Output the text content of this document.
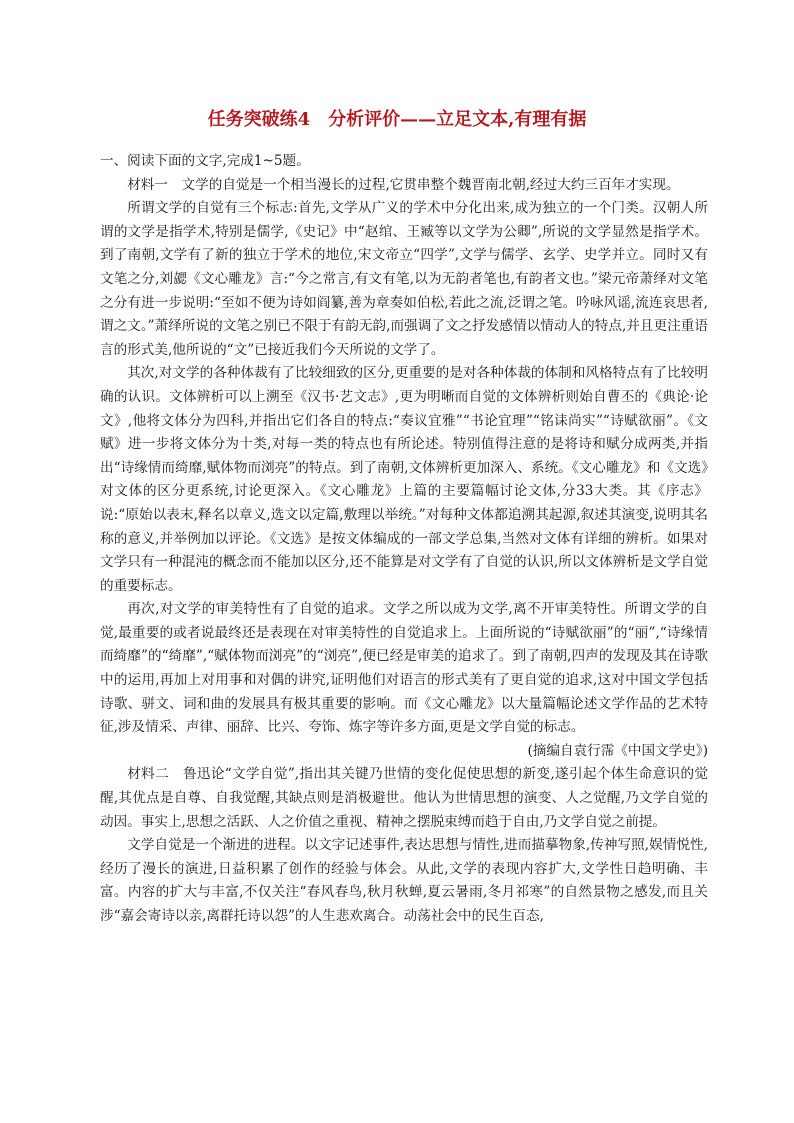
任务突破练4　分析评价——立足文本,有理有据

一、阅读下面的文字,完成1~5题。

材料一　文学的自觉是一个相当漫长的过程,它贯串整个魏晋南北朝,经过大约三百年才实现。

所谓文学的自觉有三个标志:首先,文学从广义的学术中分化出来,成为独立的一个门类。汉朝人所谓的文学是指学术,特别是儒学,《史记》中“赵绾、王臧等以文学为公卿”,所说的文学显然是指学术。到了南朝,文学有了新的独立于学术的地位,宋文帝立“四学”,文学与儒学、玄学、史学并立。同时又有文笔之分,刘勰《文心雕龙》言:“今之常言,有文有笔,以为无韵者笔也,有韵者文也。”梁元帝萧绎对文笔之分有进一步说明:“至如不便为诗如阎纂,善为章奏如伯松,若此之流,泛谓之笔。吟咏风谣,流连哀思者,谓之文。”萧绎所说的文笔之别已不限于有韵无韵,而强调了文之抒发感情以情动人的特点,并且更注重语言的形式美,他所说的“文”已接近我们今天所说的文学了。

其次,对文学的各种体裁有了比较细致的区分,更重要的是对各种体裁的体制和风格特点有了比较明确的认识。文体辨析可以上溯至《汉书·艺文志》,更为明晰而自觉的文体辨析则始自曹丕的《典论·论文》,他将文体分为四科,并指出它们各自的特点:“奏议宜雅”“书论宜理”“铭诔尚实”“诗赋欲丽”。《文赋》进一步将文体分为十类,对每一类的特点也有所论述。特别值得注意的是将诗和赋分成两类,并指出“诗缘情而绮靡,赋体物而浏亮”的特点。到了南朝,文体辨析更加深入、系统。《文心雕龙》和《文选》对文体的区分更系统,讨论更深入。《文心雕龙》上篇的主要篇幅讨论文体,分33大类。其《序志》说:“原始以表末,释名以章义,选文以定篇,敷理以举统。”对每种文体都追溯其起源,叙述其演变,说明其名称的意义,并举例加以评论。《文选》是按文体编成的一部文学总集,当然对文体有详细的辨析。如果对文学只有一种混沌的概念而不能加以区分,还不能算是对文学有了自觉的认识,所以文体辨析是文学自觉的重要标志。

再次,对文学的审美特性有了自觉的追求。文学之所以成为文学,离不开审美特性。所谓文学的自觉,最重要的或者说最终还是表现在对审美特性的自觉追求上。上面所说的“诗赋欲丽”的“丽”,“诗缘情而绮靡”的“绮靡”,“赋体物而浏亮”的“浏亮”,便已经是审美的追求了。到了南朝,四声的发现及其在诗歌中的运用,再加上对用事和对偶的讲究,证明他们对语言的形式美有了更自觉的追求,这对中国文学包括诗歌、骈文、词和曲的发展具有极其重要的影响。而《文心雕龙》以大量篇幅论述文学作品的艺术特征,涉及情采、声律、丽辞、比兴、夸饰、炼字等许多方面,更是文学自觉的标志。

(摘编自袁行霈《中国文学史》)

材料二　鲁迅论“文学自觉”,指出其关键乃世情的变化促使思想的新变,遂引起个体生命意识的觉醒,其优点是自尊、自我觉醒,其缺点则是消极避世。他认为世情思想的演变、人之觉醒,乃文学自觉的动因。事实上,思想之活跃、人之价值之重视、精神之摆脱束缚而趋于自由,乃文学自觉之前提。

文学自觉是一个渐进的进程。以文字记述事件,表达思想与情性,进而描摹物象,传神写照,娱情悦性,经历了漫长的演进,日益积累了创作的经验与体会。从此,文学的表现内容扩大,文学性日趋明确、丰富。内容的扩大与丰富,不仅关注“春风春鸟,秋月秋蝉,夏云暑雨,冬月祁寒”的自然景物之感发,而且关涉“嘉会寄诗以亲,离群托诗以怨”的人生悲欢离合。动荡社会中的民生百态,
